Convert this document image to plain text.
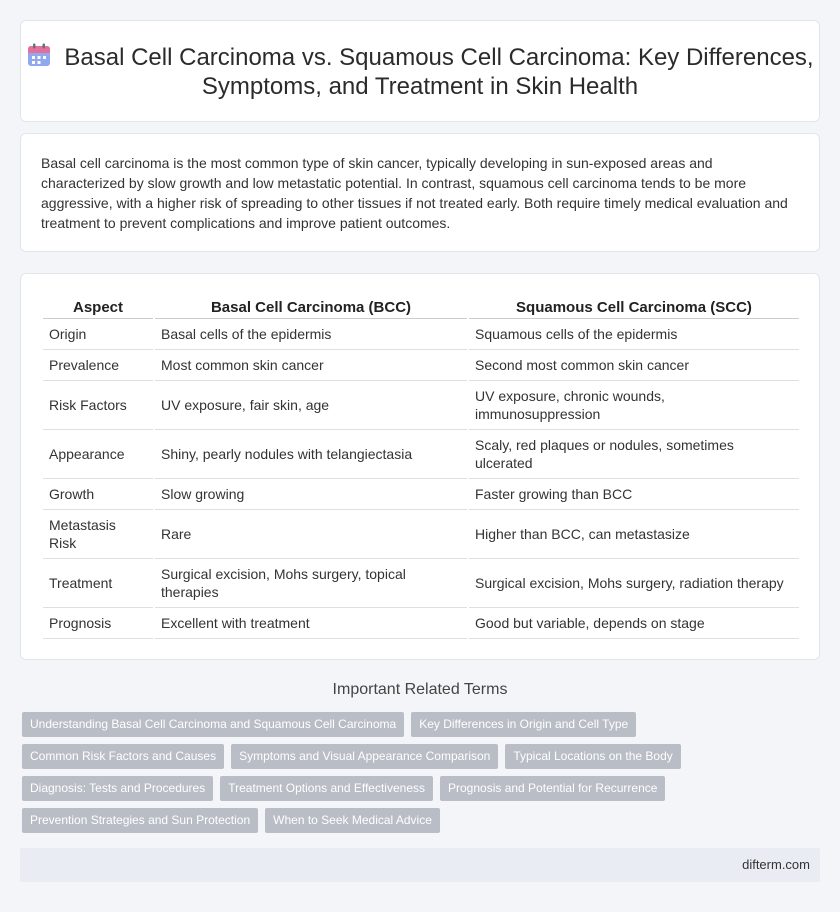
Basal Cell Carcinoma vs. Squamous Cell Carcinoma: Key Differences, Symptoms, and Treatment in Skin Health

Basal cell carcinoma is the most common type of skin cancer, typically developing in sun-exposed areas and characterized by slow growth and low metastatic potential. In contrast, squamous cell carcinoma tends to be more aggressive, with a higher risk of spreading to other tissues if not treated early. Both require timely medical evaluation and treatment to prevent complications and improve patient outcomes.

Aspect	Basal Cell Carcinoma (BCC)	Squamous Cell Carcinoma (SCC)
Origin	Basal cells of the epidermis	Squamous cells of the epidermis
Prevalence	Most common skin cancer	Second most common skin cancer
Risk Factors	UV exposure, fair skin, age	UV exposure, chronic wounds, immunosuppression
Appearance	Shiny, pearly nodules with telangiectasia	Scaly, red plaques or nodules, sometimes ulcerated
Growth	Slow growing	Faster growing than BCC
Metastasis Risk	Rare	Higher than BCC, can metastasize
Treatment	Surgical excision, Mohs surgery, topical therapies	Surgical excision, Mohs surgery, radiation therapy
Prognosis	Excellent with treatment	Good but variable, depends on stage
Important Related Terms
Understanding Basal Cell Carcinoma and Squamous Cell Carcinoma	Key Differences in Origin and Cell Type
Common Risk Factors and Causes	Symptoms and Visual Appearance Comparison	Typical Locations on the Body
Diagnosis: Tests and Procedures	Treatment Options and Effectiveness	Prognosis and Potential for Recurrence
Prevention Strategies and Sun Protection	When to Seek Medical Advice
difterm.com
